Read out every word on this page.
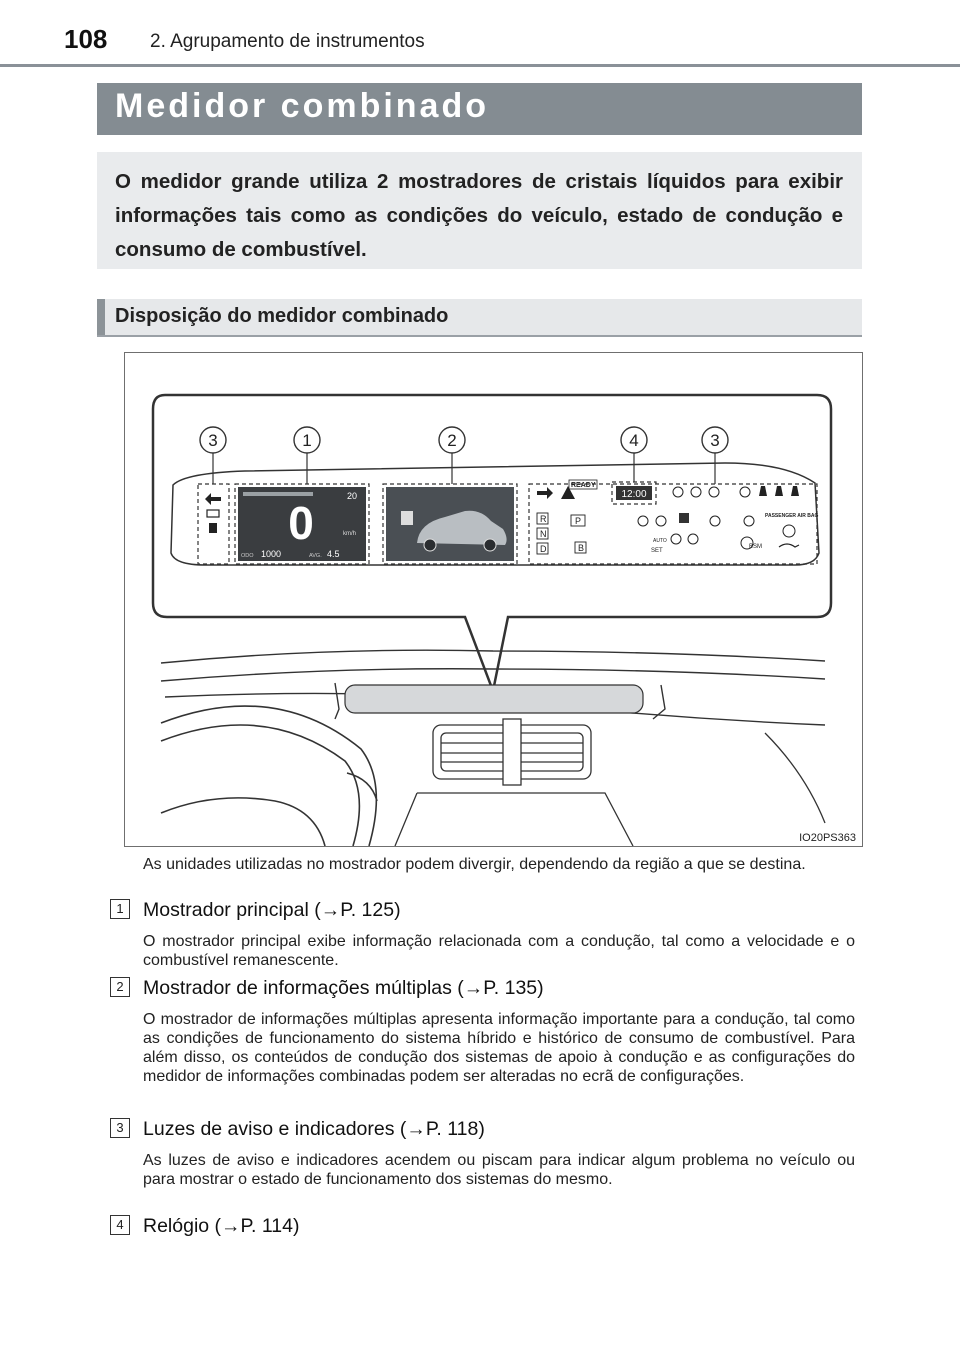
108 2. Agrupamento de instrumentos
Medidor combinado

O medidor grande utiliza 2 mostradores de cristais líquidos para exibir informações tais como as condições do veículo, estado de condução e consumo de combustível.

Disposição do medidor combinado
20
0	km/h
ODO 1000	AVG. 4.5
READY
R
N
D
P
B
12:00
PASSENGER AIR BAG
AUTO
SET
BSM
3	1	2	4	3
IO20PS363
As unidades utilizadas no mostrador podem divergir, dependendo da região a que se destina.
1 Mostrador principal (→P. 125)
O mostrador principal exibe informação relacionada com a condução, tal como a velocidade e o combustível remanescente.
2 Mostrador de informações múltiplas (→P. 135)
O mostrador de informações múltiplas apresenta informação importante para a condução, tal como as condições de funcionamento do sistema híbrido e histórico de consumo de combustível. Para além disso, os conteúdos de condução dos sistemas de apoio à condução e as configurações do medidor de informações combinadas podem ser alteradas no ecrã de configurações.
3 Luzes de aviso e indicadores (→P. 118)
As luzes de aviso e indicadores acendem ou piscam para indicar algum problema no veículo ou para mostrar o estado de funcionamento dos sistemas do mesmo.
4 Relógio (→P. 114)
